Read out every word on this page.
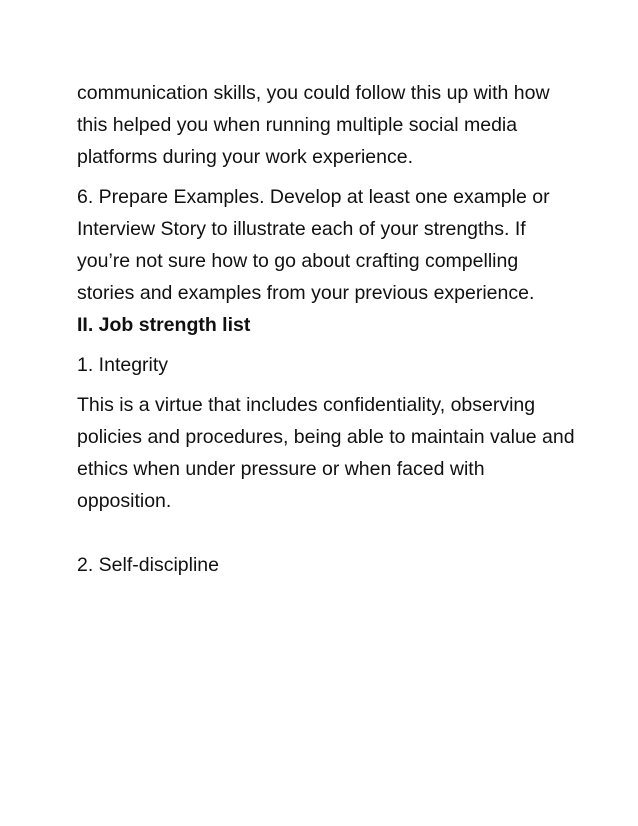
communication skills, you could follow this up with how this helped you when running multiple social media platforms during your work experience.

6. Prepare Examples. Develop at least one example or Interview Story to illustrate each of your strengths. If you’re not sure how to go about crafting compelling stories and examples from your previous experience.

II. Job strength list

1. Integrity

This is a virtue that includes confidentiality, observing policies and procedures, being able to maintain value and ethics when under pressure or when faced with opposition.

2. Self-discipline
